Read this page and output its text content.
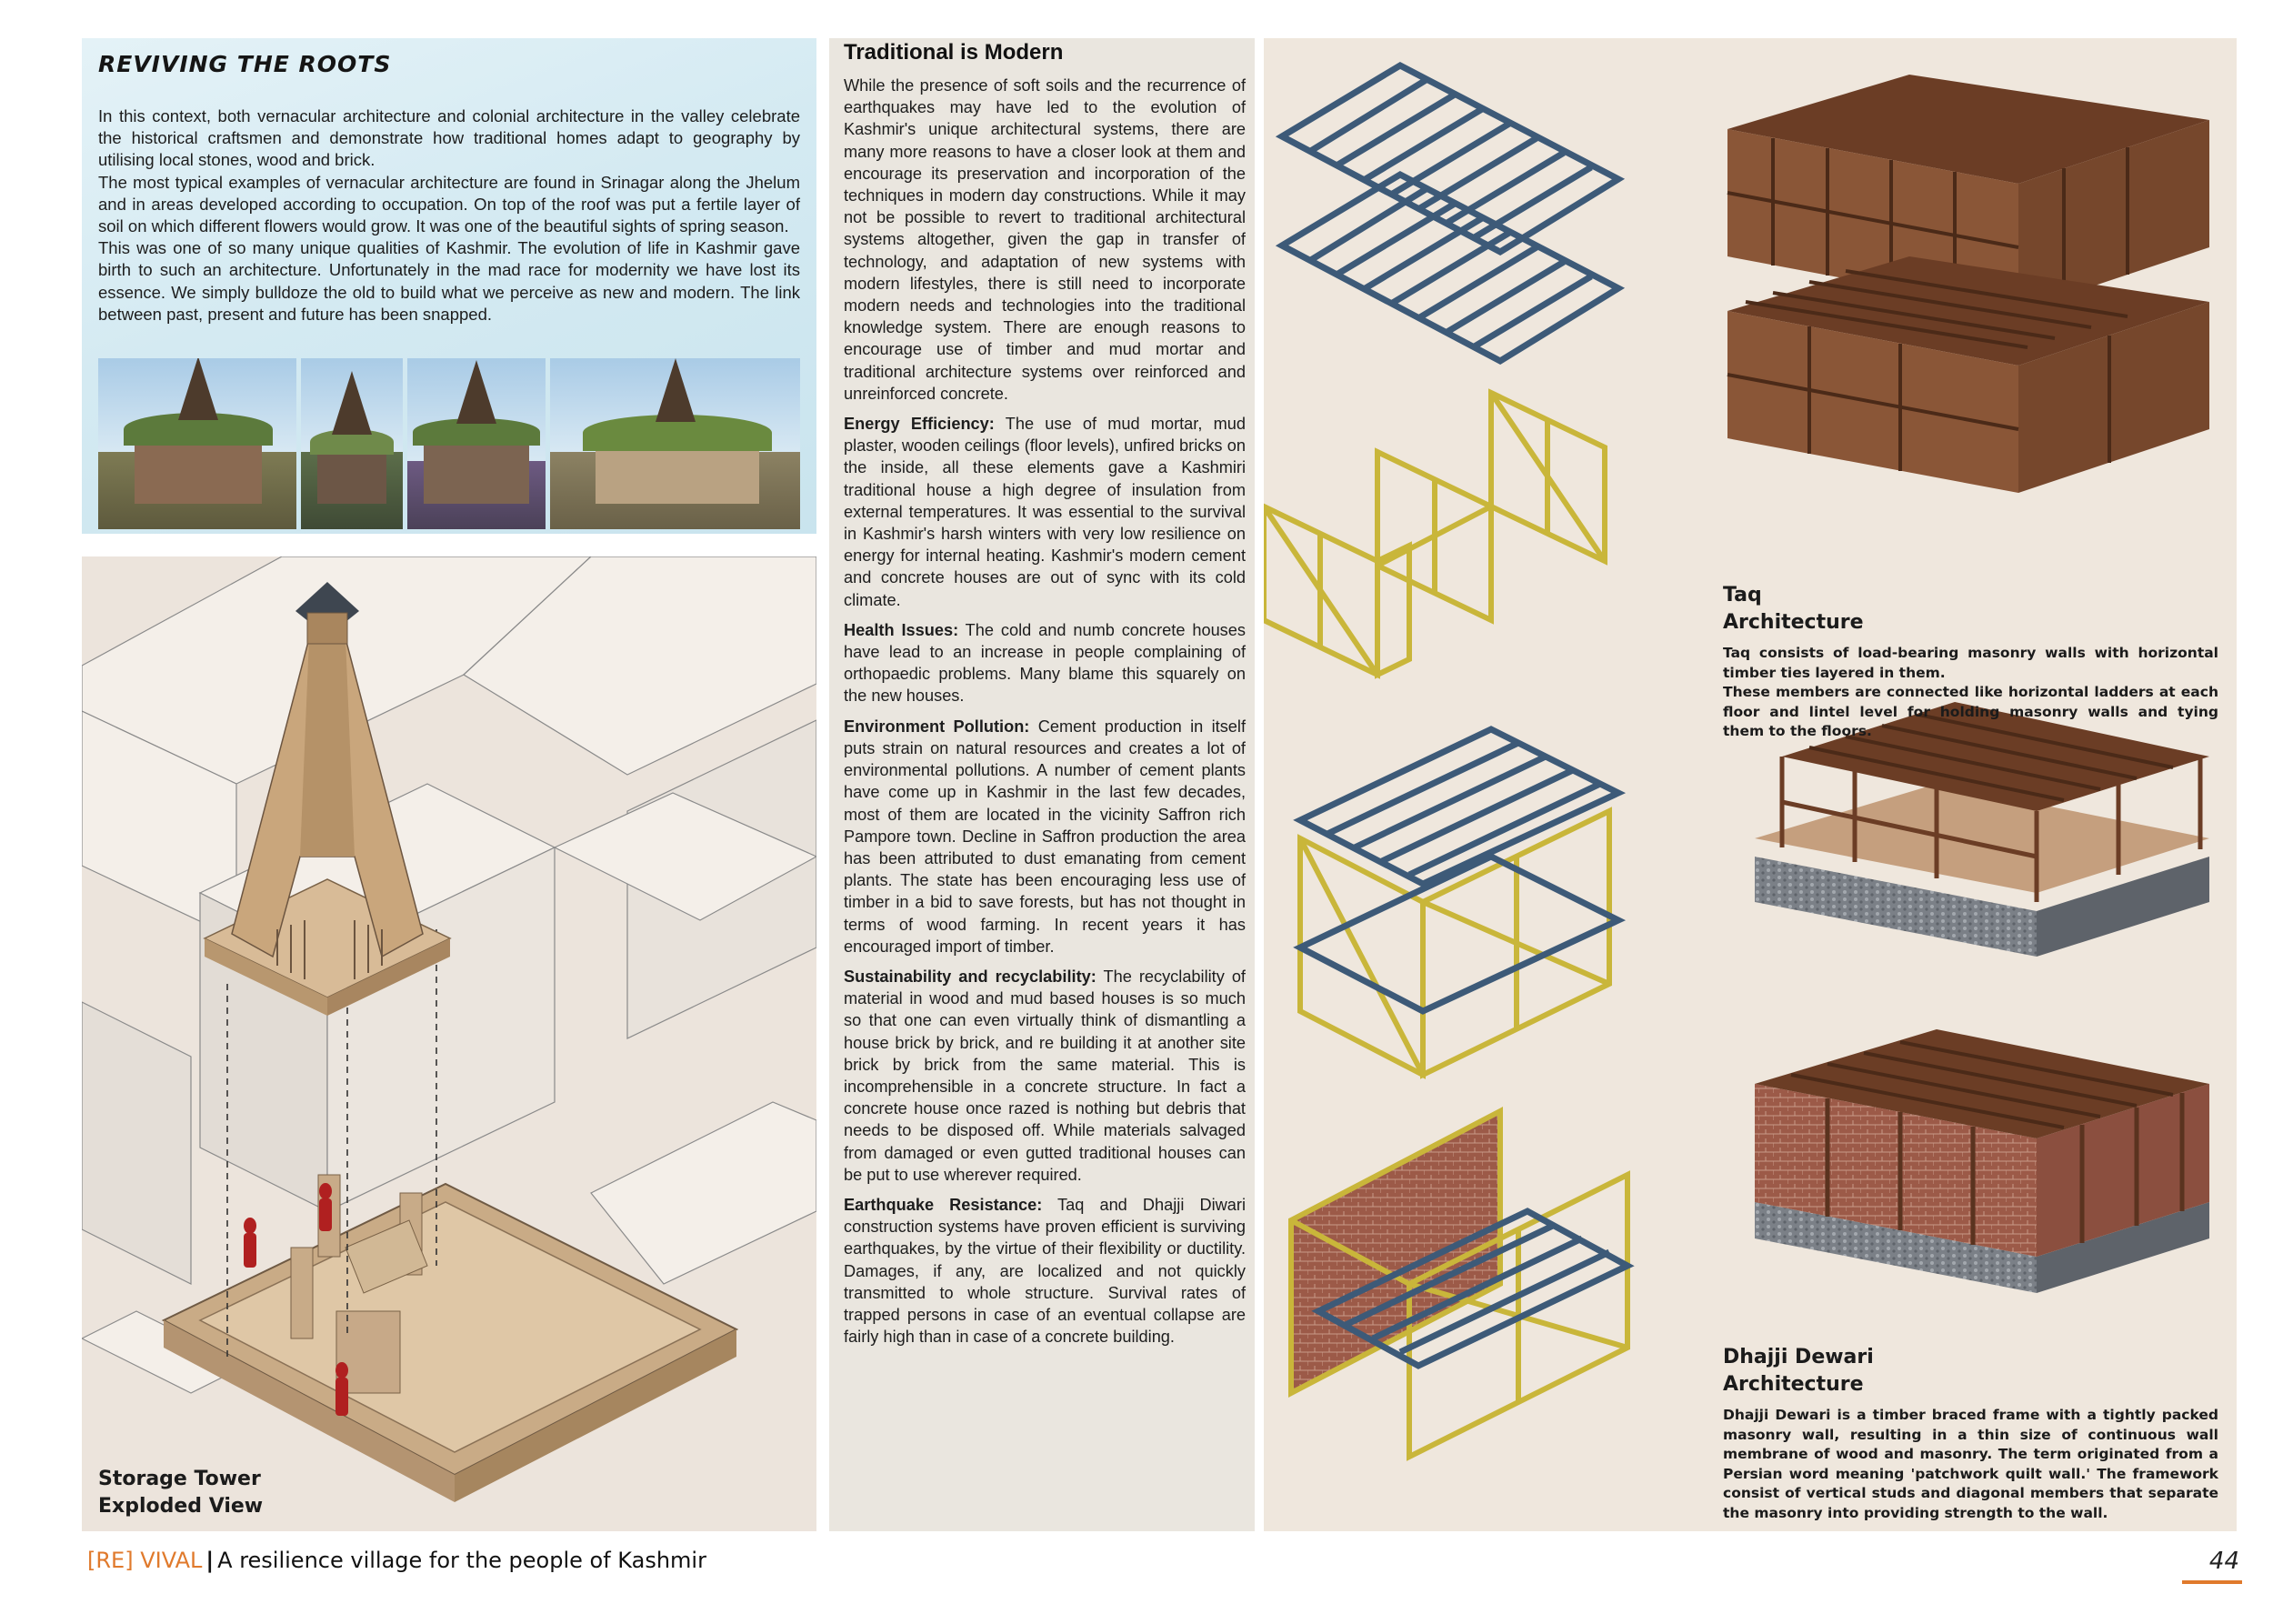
REVIVING THE ROOTS

In this context, both vernacular architecture and colonial architecture in the valley celebrate the historical craftsmen and demonstrate how traditional homes adapt to geography by utilising local stones, wood and brick.

The most typical examples of vernacular architecture are found in Srinagar along the Jhelum and in areas developed according to occupation. On top of the roof was put a fertile layer of soil on which different flowers would grow. It was one of the beautiful sights of spring season.

This was one of so many unique qualities of Kashmir. The evolution of life in Kashmir gave birth to such an architecture. Unfortunately in the mad race for modernity we have lost its essence. We simply bulldoze the old to build what we perceive as new and modern. The link between past, present and future has been snapped.

Storage Tower
Exploded View
Traditional is Modern

While the presence of soft soils and the recurrence of earthquakes may have led to the evolution of Kashmir's unique architectural systems, there are many more reasons to have a closer look at them and encourage its preservation and incorporation of the techniques in modern day constructions. While it may not be possible to revert to traditional architectural systems altogether, given the gap in transfer of technology, and adaptation of new systems with modern lifestyles, there is still need to incorporate modern needs and technologies into the traditional knowledge system. There are enough reasons to encourage use of timber and mud mortar and traditional architecture systems over reinforced and unreinforced concrete.

Energy Efficiency: The use of mud mortar, mud plaster, wooden ceilings (floor levels), unfired bricks on the inside, all these elements gave a Kashmiri traditional house a high degree of insulation from external temperatures. It was essential to the survival in Kashmir's harsh winters with very low resilience on energy for internal heating. Kashmir's modern cement and concrete houses are out of sync with its cold climate.

Health Issues: The cold and numb concrete houses have lead to an increase in people complaining of orthopaedic problems. Many blame this squarely on the new houses.

Environment Pollution: Cement production in itself puts strain on natural resources and creates a lot of environmental pollutions. A number of cement plants have come up in Kashmir in the last few decades, most of them are located in the vicinity Saffron rich Pampore town. Decline in Saffron production the area has been attributed to dust emanating from cement plants. The state has been encouraging less use of timber in a bid to save forests, but has not thought in terms of wood farming. In recent years it has encouraged import of timber.

Sustainability and recyclability: The recyclability of material in wood and mud based houses is so much so that one can even virtually think of dismantling a house brick by brick, and re building it at another site brick by brick from the same material. This is incomprehensible in a concrete structure. In fact a concrete house once razed is nothing but debris that needs to be disposed off. While materials salvaged from damaged or even gutted traditional houses can be put to use wherever required.

Earthquake Resistance: Taq and Dhajji Diwari construction systems have proven efficient is surviving earthquakes, by the virtue of their flexibility or ductility. Damages, if any, are localized and not quickly transmitted to whole structure. Survival rates of trapped persons in case of an eventual collapse are fairly high than in case of a concrete building.

Taq
Architecture
Taq consists of load-bearing masonry walls with horizontal timber ties layered in them.
These members are connected like horizontal ladders at each floor and lintel level for holding masonry walls and tying them to the floors.
Dhajji Dewari
Architecture
Dhajji Dewari is a timber braced frame with a tightly packed masonry wall, resulting in a thin size of continuous wall membrane of wood and masonry. The term originated from a Persian word meaning 'patchwork quilt wall.' The framework consist of vertical studs and diagonal members that separate the masonry into providing strength to the wall.
[RE] VIVAL | A resilience village for the people of Kashmir	44
